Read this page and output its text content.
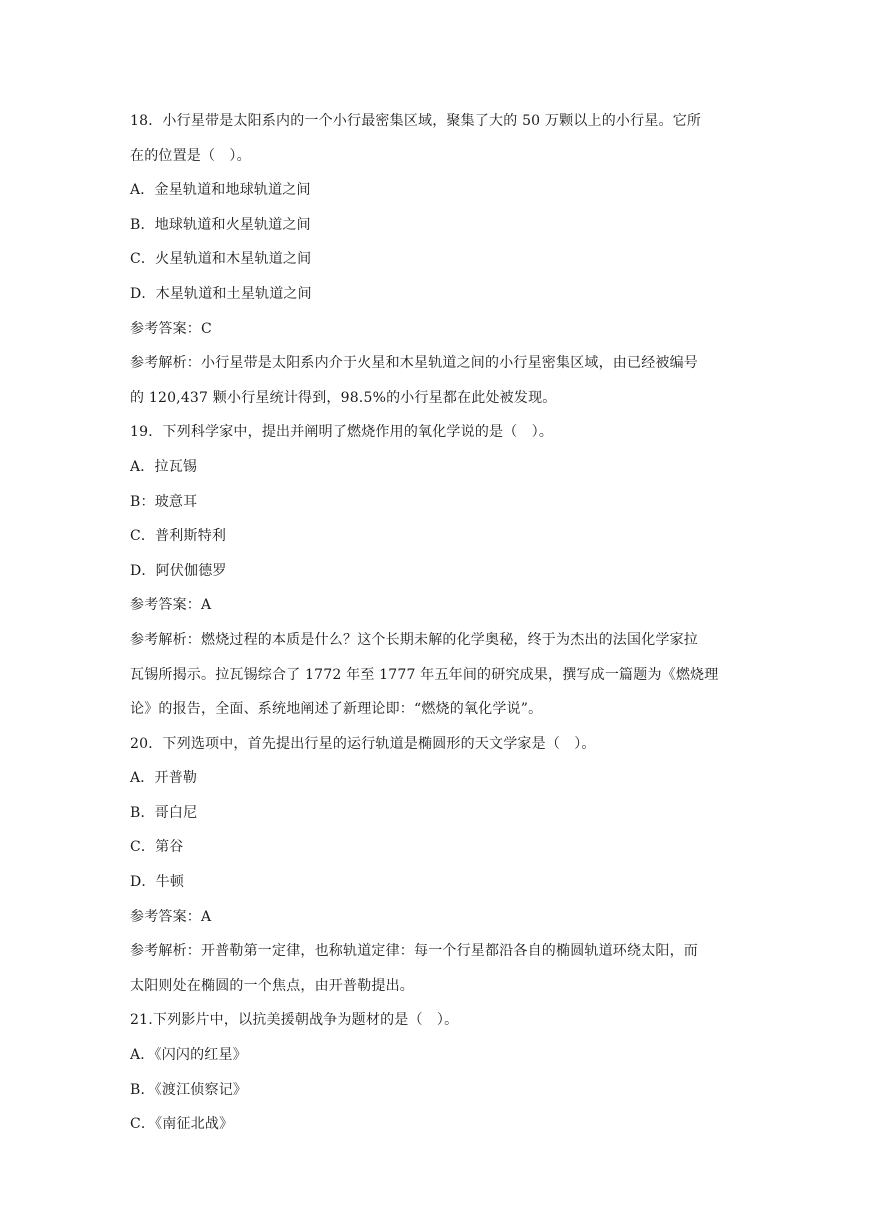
18．小行星带是太阳系内的一个小行最密集区域，聚集了大的 50 万颗以上的小行星。它所
在的位置是（　）。
A．金星轨道和地球轨道之间
B．地球轨道和火星轨道之间
C．火星轨道和木星轨道之间
D．木星轨道和土星轨道之间
参考答案：C
参考解析：小行星带是太阳系内介于火星和木星轨道之间的小行星密集区域，由已经被编号
的 120,437 颗小行星统计得到，98.5%的小行星都在此处被发现。
19．下列科学家中，提出并阐明了燃烧作用的氧化学说的是（　）。
A．拉瓦锡
B：玻意耳
C．普利斯特利
D．阿伏伽德罗
参考答案：A
参考解析：燃烧过程的本质是什么？这个长期未解的化学奥秘，终于为杰出的法国化学家拉
瓦锡所揭示。拉瓦锡综合了 1772 年至 1777 年五年间的研究成果，撰写成一篇题为《燃烧理
论》的报告，全面、系统地阐述了新理论即：“燃烧的氧化学说”。
20．下列选项中，首先提出行星的运行轨道是椭圆形的天文学家是（　）。
A．开普勒
B．哥白尼
C．第谷
D．牛顿
参考答案：A
参考解析：开普勒第一定律，也称轨道定律：每一个行星都沿各自的椭圆轨道环绕太阳，而
太阳则处在椭圆的一个焦点，由开普勒提出。
21.下列影片中，以抗美援朝战争为题材的是（　）。
A．《闪闪的红星》
B．《渡江侦察记》
C．《南征北战》
